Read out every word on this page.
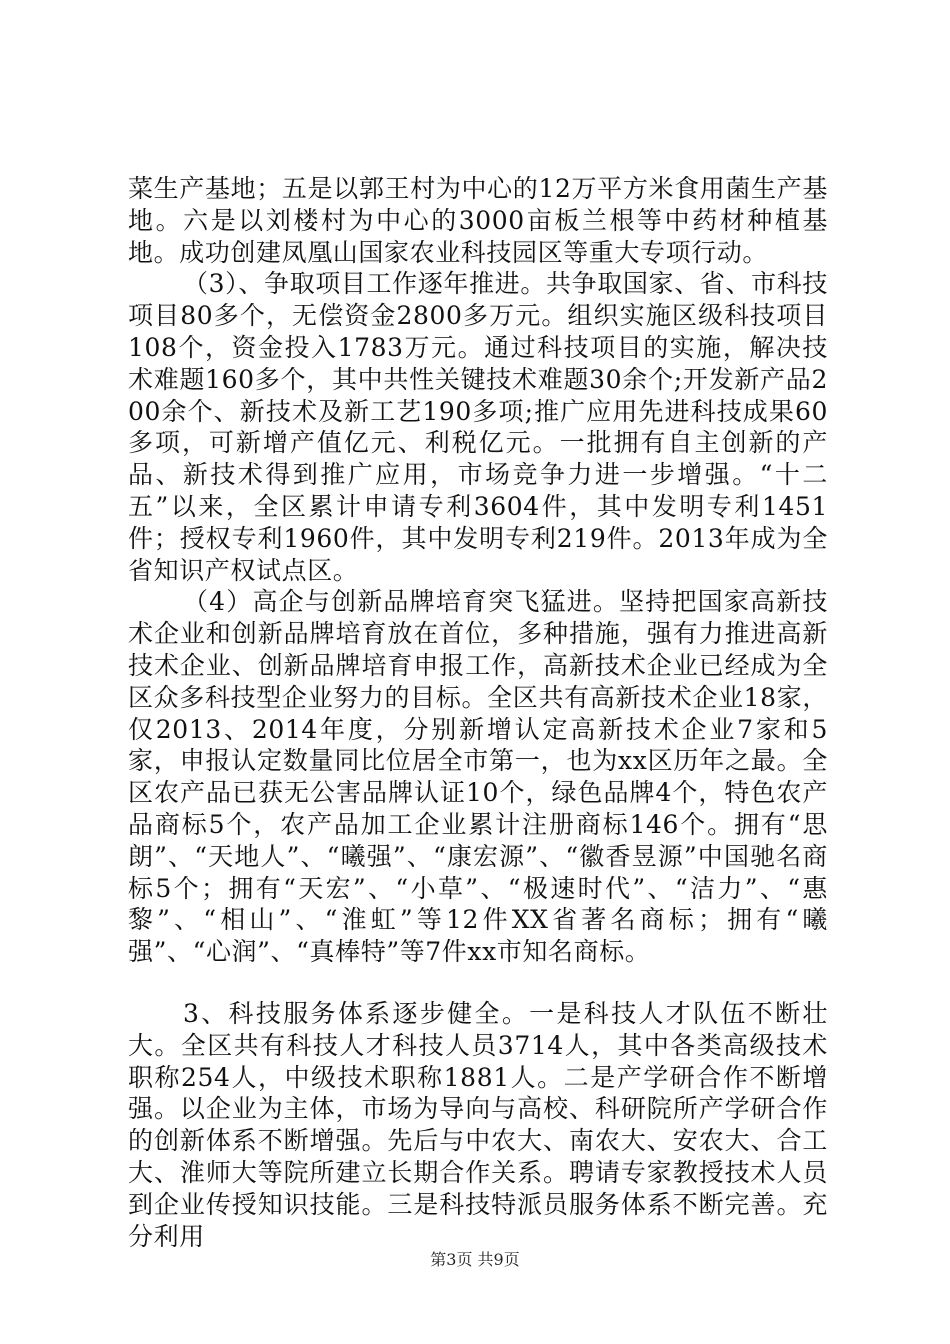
菜生产基地；五是以郭王村为中心的12万平方米食用菌生产基地。六是以刘楼村为中心的3000亩板兰根等中药材种植基地。成功创建凤凰山国家农业科技园区等重大专项行动。

（3）、争取项目工作逐年推进。共争取国家、省、市科技项目80多个，无偿资金2800多万元。组织实施区级科技项目108个，资金投入1783万元。通过科技项目的实施，解决技术难题160多个，其中共性关键技术难题30余个;开发新产品200余个、新技术及新工艺190多项;推广应用先进科技成果60多项，可新增产值亿元、利税亿元。一批拥有自主创新的产品、新技术得到推广应用，市场竞争力进一步增强。“十二五”以来，全区累计申请专利3604件，其中发明专利1451件；授权专利1960件，其中发明专利219件。2013年成为全省知识产权试点区。

（4）高企与创新品牌培育突飞猛进。坚持把国家高新技术企业和创新品牌培育放在首位，多种措施，强有力推进高新技术企业、创新品牌培育申报工作，高新技术企业已经成为全区众多科技型企业努力的目标。全区共有高新技术企业18家，仅2013、2014年度，分别新增认定高新技术企业7家和5家，申报认定数量同比位居全市第一，也为xx区历年之最。全区农产品已获无公害品牌认证10个，绿色品牌4个，特色农产品商标5个，农产品加工企业累计注册商标146个。拥有“思朗”、“天地人”、“曦强”、“康宏源”、“徽香昱源”中国驰名商标5个；拥有“天宏”、“小草”、“极速时代”、“洁力”、“惠黎”、“相山”、“淮虹”等12件XX省著名商标；拥有“曦强”、“心润”、“真棒特”等7件xx市知名商标。

3、科技服务体系逐步健全。一是科技人才队伍不断壮大。全区共有科技人才科技人员3714人，其中各类高级技术职称254人，中级技术职称1881人。二是产学研合作不断增强。以企业为主体，市场为导向与高校、科研院所产学研合作的创新体系不断增强。先后与中农大、南农大、安农大、合工大、淮师大等院所建立长期合作关系。聘请专家教授技术人员到企业传授知识技能。三是科技特派员服务体系不断完善。充分利用

第3页 共9页
